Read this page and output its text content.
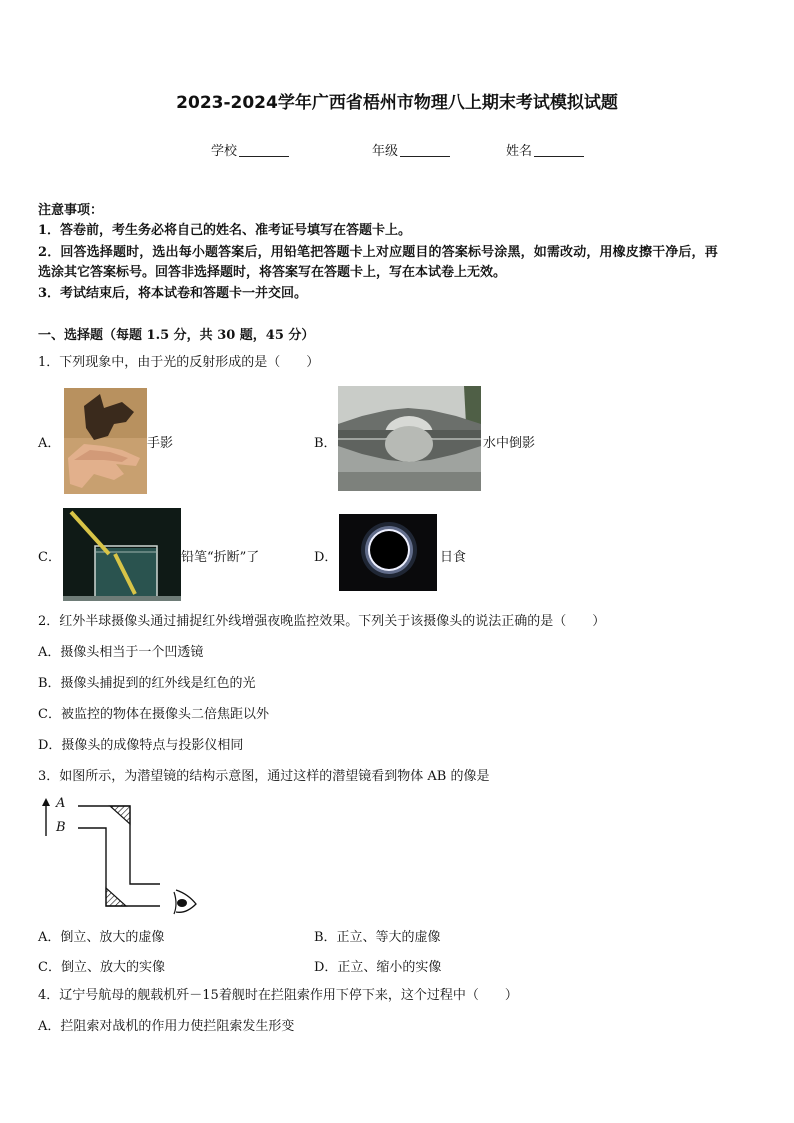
2023-2024学年广西省梧州市物理八上期末考试模拟试题
学校	年级	姓名
注意事项：
1．答卷前，考生务必将自己的姓名、准考证号填写在答题卡上。
2．回答选择题时，选出每小题答案后，用铅笔把答题卡上对应题目的答案标号涂黑，如需改动，用橡皮擦干净后，再
选涂其它答案标号。回答非选择题时，将答案写在答题卡上，写在本试卷上无效。
3．考试结束后，将本试卷和答题卡一并交回。
一、选择题（每题 1.5 分，共 30 题，45 分）
1．下列现象中，由于光的反射形成的是（　　）
A．	手影	B．	水中倒影
C．	铅笔“折断”了	D．	日食
2．红外半球摄像头通过捕捉红外线增强夜晚监控效果。下列关于该摄像头的说法正确的是（　　）
A．摄像头相当于一个凹透镜
B．摄像头捕捉到的红外线是红色的光
C．被监控的物体在摄像头二倍焦距以外
D．摄像头的成像特点与投影仪相同
3．如图所示，为潜望镜的结构示意图，通过这样的潜望镜看到物体 AB 的像是
A
B
A．倒立、放大的虚像	B．正立、等大的虚像
C．倒立、放大的实像	D．正立、缩小的实像
4．辽宁号航母的舰载机歼－15着舰时在拦阻索作用下停下来，这个过程中（　　）
A．拦阻索对战机的作用力使拦阻索发生形变
